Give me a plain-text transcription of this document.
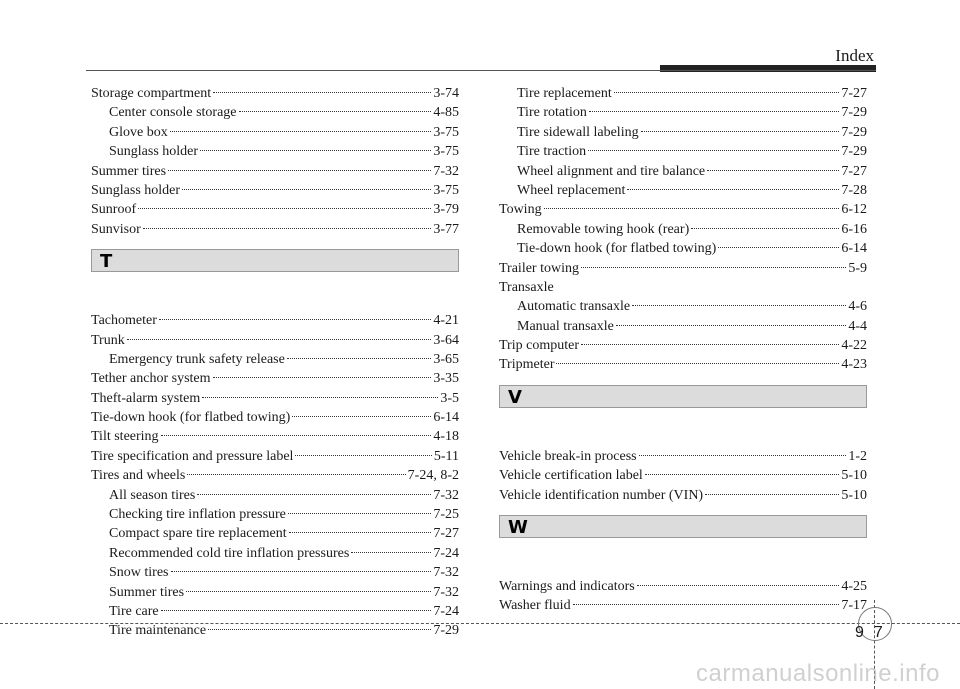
Index
Storage compartment	3-74
Center console storage	4-85
Glove box	3-75
Sunglass holder	3-75
Summer tires	7-32
Sunglass holder	3-75
Sunroof	3-79
Sunvisor	3-77
T
Tachometer	4-21
Trunk	3-64
Emergency trunk safety release	3-65
Tether anchor system	3-35
Theft-alarm system	3-5
Tie-down hook (for flatbed towing)	6-14
Tilt steering	4-18
Tire specification and pressure label	5-11
Tires and wheels	7-24, 8-2
All season tires	7-32
Checking tire inflation pressure	7-25
Compact spare tire replacement	7-27
Recommended cold tire inflation pressures	7-24
Snow tires	7-32
Summer tires	7-32
Tire care	7-24
Tire maintenance	7-29
Tire replacement	7-27
Tire rotation	7-29
Tire sidewall labeling	7-29
Tire traction	7-29
Wheel alignment and tire balance	7-27
Wheel replacement	7-28
Towing	6-12
Removable towing hook (rear)	6-16
Tie-down hook (for flatbed towing)	6-14
Trailer towing	5-9
Transaxle
Automatic transaxle	4-6
Manual transaxle	4-4
Trip computer	4-22
Tripmeter	4-23
V
Vehicle break-in process	1-2
Vehicle certification label	5-10
Vehicle identification number (VIN)	5-10
W
Warnings and indicators	4-25
Washer fluid	7-17
9 7
carmanualsonline.info
